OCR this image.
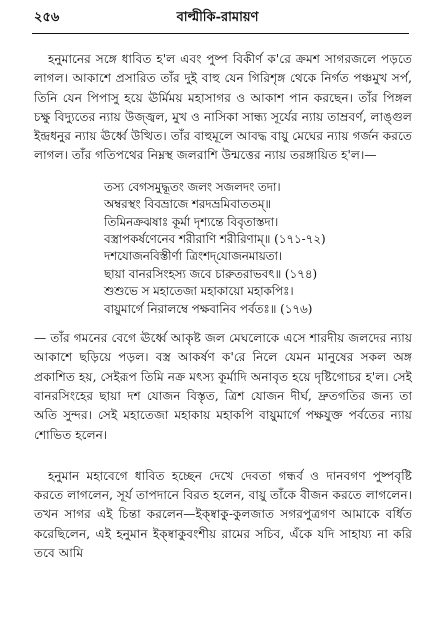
২৫৬	বাল্মীকি-রামায়ণ

হনুমানের সঙ্গে ধাবিত হ'ল এবং পুষ্প বিকীর্ণ ক'রে ক্রমশ সাগরজলে পড়তে লাগল। আকাশে প্রসারিত তাঁর দুই বাহু যেন গিরিশৃঙ্গ থেকে নির্গত পঞ্চমুখ সর্প, তিনি যেন পিপাসু হয়ে ঊর্মিময় মহাসাগর ও আকাশ পান করছেন। তাঁর পিঙ্গল চক্ষু বিদ্যুতের ন্যায় উজ্জ্বল, মুখ ও নাসিকা সান্ধ্য সূর্যের ন্যায় তাম্রবর্ণ, লাঙ্গুল ইন্দ্রধনুর ন্যায় ঊর্ধ্বে উত্থিত। তাঁর বাহুমূলে আবদ্ধ বায়ু মেঘের ন্যায় গর্জন করতে লাগল। তাঁর গতিপথের নিম্নস্থ জলরাশি উন্মত্তের ন্যায় তরঙ্গায়িত হ'ল।—

তস্য বেগসমুদ্ধূতং জলং সজলদং তদা।
অম্বরস্থং বিবভ্রাজে শরদভ্রমিবাততম্॥
তিমিনক্রঝষাঃ কূর্মা দৃশ্যন্তে বিবৃতাস্তদা।
বস্ত্রাপকর্ষণেনেব শরীরাণি শরীরিণাম্॥ (১৭১-৭২)
দশযোজনবিস্তীর্ণা ত্রিংশদ্‌যোজনমায়তা।
ছায়া বানরসিংহস্য জবে চারুতরাভবৎ॥ (১৭৪)
শুশুভে স মহাতেজা মহাকায়ো মহাকপিঃ।
বায়ুমার্গে নিরালম্বে পক্ষবানিব পর্বতঃ॥ (১৭৬)

— তাঁর গমনের বেগে ঊর্ধ্বে আকৃষ্ট জল মেঘলোকে এসে শারদীয় জলদের ন্যায় আকাশে ছড়িয়ে পড়ল। বস্ত্র আকর্ষণ ক'রে নিলে যেমন মানুষের সকল অঙ্গ প্রকাশিত হয়, সেইরূপ তিমি নক্র মৎস্য কূর্মাদি অনাবৃত হয়ে দৃষ্টিগোচর হ'ল। সেই বানরসিংহের ছায়া দশ যোজন বিস্তৃত, ত্রিশ যোজন দীর্ঘ, দ্রুতগতির জন্য তা অতি সুন্দর। সেই মহাতেজা মহাকায় মহাকপি বায়ুমার্গে পক্ষযুক্ত পর্বতের ন্যায় শোভিত হলেন।

হনুমান মহাবেগে ধাবিত হচ্ছেন দেখে দেবতা গন্ধর্ব ও দানবগণ পুষ্পবৃষ্টি করতে লাগলেন, সূর্য তাপদানে বিরত হলেন, বায়ু তাঁকে বীজন করতে লাগলেন। তখন সাগর এই চিন্তা করলেন—ইক্ষ্বাকু-কুলজাত সগরপুত্রগণ আমাকে বর্ধিত করেছিলেন, এই হনুমান ইক্ষ্বাকুবংশীয় রামের সচিব, এঁকে যদি সাহায্য না করি তবে আমি
